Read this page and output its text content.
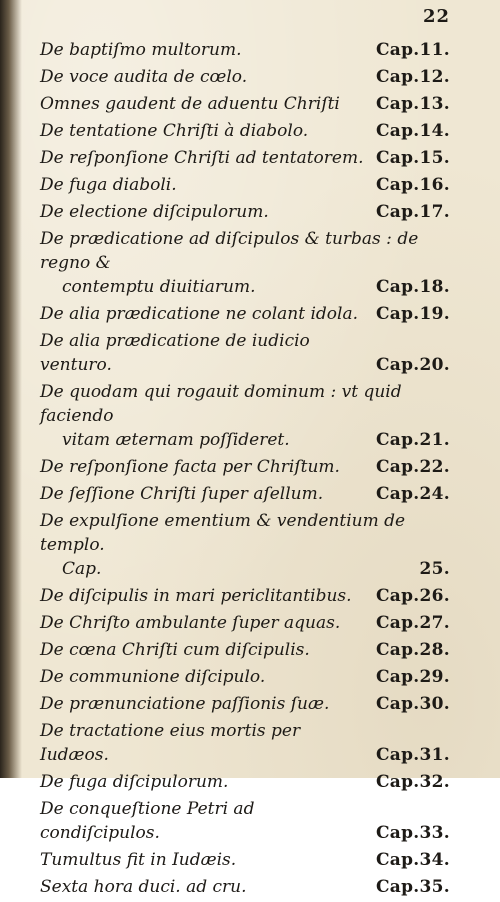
22
De baptiſmo multorum.	Cap.11.
De voce audita de cœlo.	Cap.12.
Omnes gaudent de aduentu Chriſti	Cap.13.
De tentatione Chriſti à diabolo.	Cap.14.
De reſponſione Chriſti ad tentatorem. Cap.15.
De fuga diaboli.	Cap.16.
De electione diſcipulorum.	Cap.17.
De prædicatione ad diſcipulos & turbas : de regno &
contemptu diuitiarum.	Cap.18.
De alia prædicatione ne colant idola.	Cap.19.
De alia prædicatione de iudicio venturo.	Cap.20.
De quodam qui rogauit dominum : vt quid faciendo
vitam æternam poſſideret.	Cap.21.
De reſponſione facta per Chriſtum.	Cap.22.
De ſeſſione Chriſti ſuper aſellum.	Cap.24.
De expulſione ementium & vendentium de templo.
Cap.	25.
De diſcipulis in mari periclitantibus.	Cap.26.
De Chriſto ambulante ſuper aquas.	Cap.27.
De cœna Chriſti cum diſcipulis.	Cap.28.
De communione diſcipulo.	Cap.29.
De prænunciatione paſſionis ſuæ.	Cap.30.
De tractatione eius mortis per Iudæos.	Cap.31.
De fuga diſcipulorum.	Cap.32.
De conqueſtione Petri ad condiſcipulos.	Cap.33.
Tumultus fit in Iudæis.	Cap.34.
Sexta hora duci. ad cru.	Cap.35.
